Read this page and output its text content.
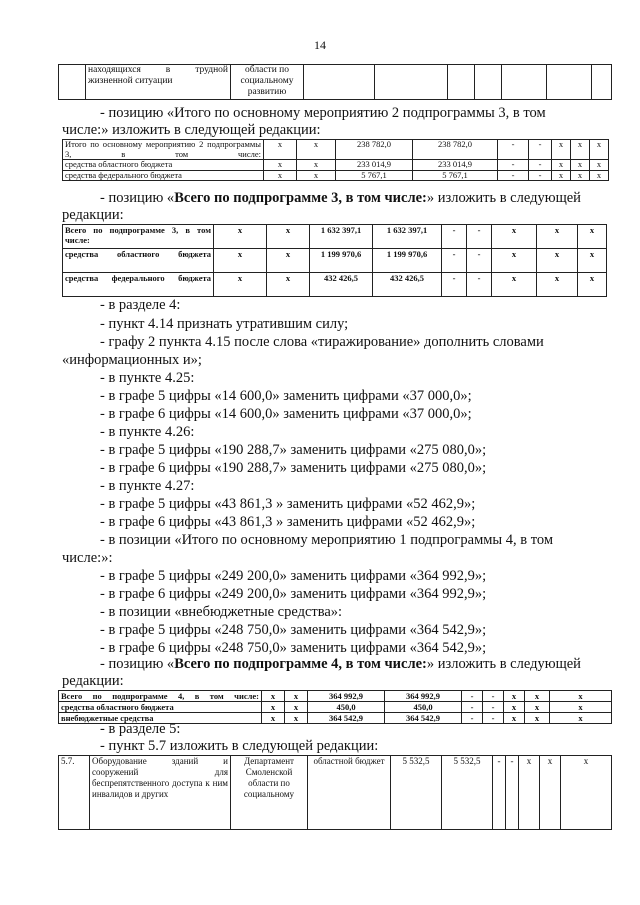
14
	находящихся в трудной жизненной ситуации	области по социальному развитию							
- позицию «Итого по основному мероприятию 2 подпрограммы 3, в том
числе:» изложить в следующей редакции:
Итого по основному мероприятию 2 подпрограммы 3, в том числе:	х	х	238 782,0	238 782,0	-	-	х	х	х
средства областного бюджета	х	х	233 014,9	233 014,9	-	-	х	х	х
средства федерального бюджета	х	х	5 767,1	5 767,1	-	-	х	х	х
- позицию «Всего по подпрограмме 3, в том числе:» изложить в следующей
редакции:
Всего по подпрограмме 3, в том числе:	х	х	1 632 397,1	1 632 397,1	-	-	х	х	х
средства областного бюджета	х	х	1 199 970,6	1 199 970,6	-	-	х	х	х
средства федерального бюджета	х	х	432 426,5	432 426,5	-	-	х	х	х
- в разделе 4:
- пункт 4.14 признать утратившим силу;
- графу 2 пункта 4.15 после слова «тиражирование» дополнить словами
«информационных и»;
- в пункте 4.25:
- в графе 5 цифры «14 600,0» заменить цифрами «37 000,0»;
- в графе 6 цифры «14 600,0» заменить цифрами «37 000,0»;
- в пункте 4.26:
- в графе 5 цифры «190 288,7» заменить цифрами «275 080,0»;
- в графе 6 цифры «190 288,7» заменить цифрами «275 080,0»;
- в пункте 4.27:
- в графе 5 цифры «43 861,3 » заменить цифрами «52 462,9»;
- в графе 6 цифры «43 861,3 » заменить цифрами «52 462,9»;
- в позиции «Итого по основному мероприятию 1 подпрограммы 4, в том
числе:»:
- в графе 5 цифры «249 200,0» заменить цифрами «364 992,9»;
- в графе 6 цифры «249 200,0» заменить цифрами «364 992,9»;
- в позиции «внебюджетные средства»:
- в графе 5 цифры «248 750,0» заменить цифрами «364 542,9»;
- в графе 6 цифры «248 750,0» заменить цифрами «364 542,9»;
- позицию «Всего по подпрограмме 4, в том числе:» изложить в следующей
Всего по подпрограмме 4, в том числе:	х	х	364 992,9	364 992,9	-	-	х	х	х
средства областного бюджета	х	х	450,0	450,0	-	-	х	х	х
внебюджетные средства	х	х	364 542,9	364 542,9	-	-	х	х	х
редакции:
- в разделе 5:
- пункт 5.7 изложить в следующей редакции:
5.7.	Оборудование зданий и сооружений для беспрепятственного доступа к ним инвалидов и других	Департамент Смоленской области по социальному	областной бюджет	5 532,5	5 532,5	-	-	х	х	х
